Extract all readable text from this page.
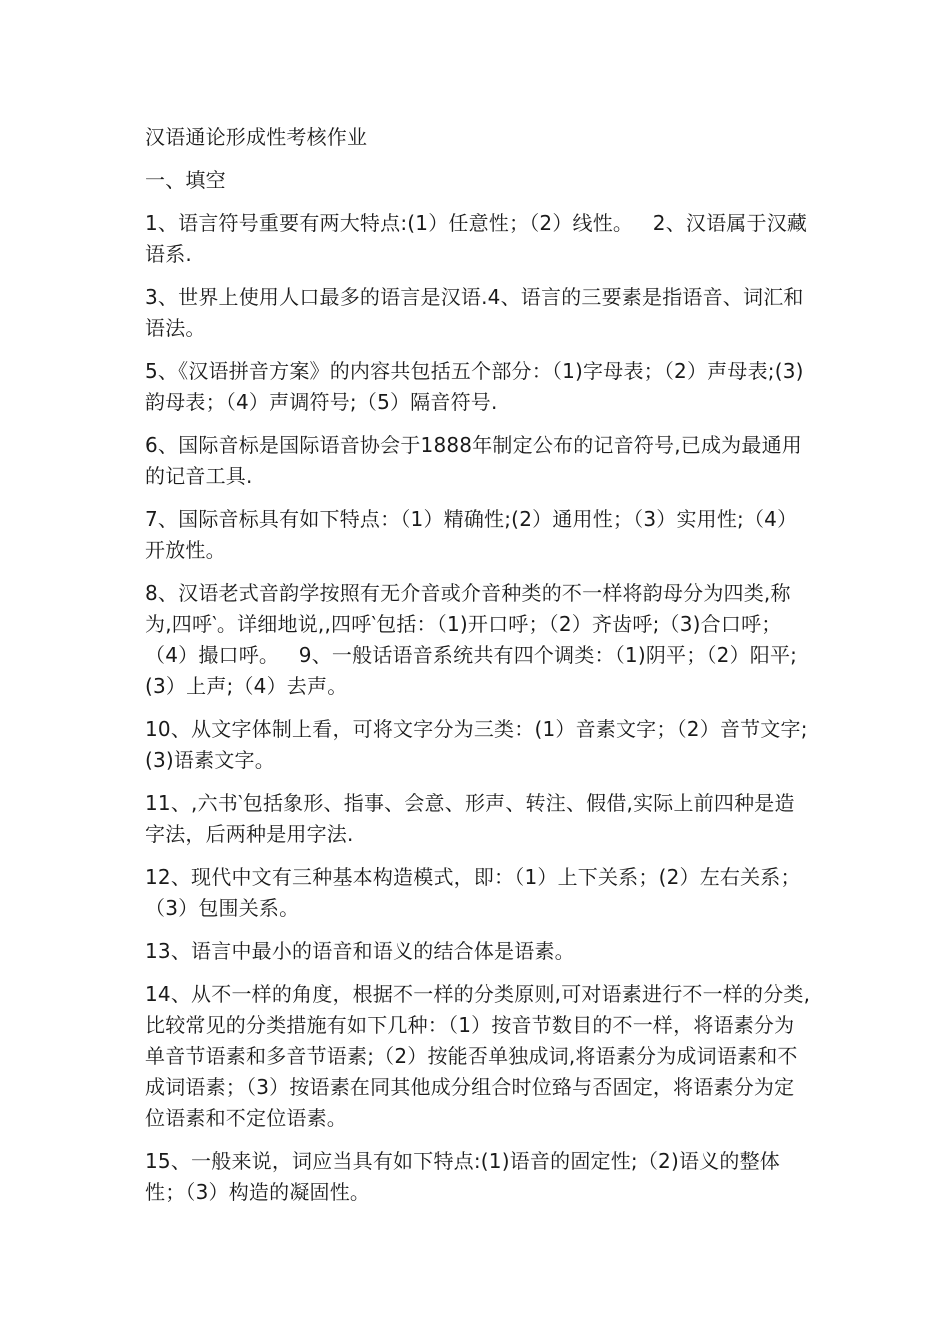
汉语通论形成性考核作业

一、填空

1、语言符号重要有两大特点:(1）任意性；（2）线性。   2、汉语属于汉藏语系.

3、世界上使用人口最多的语言是汉语.4、语言的三要素是指语音、词汇和语法。

5、《汉语拼音方案》的内容共包括五个部分：（1)字母表；（2）声母表;(3)韵母表；（4）声调符号;（5）隔音符号.

6、国际音标是国际语音协会于1888年制定公布的记音符号,已成为最通用的记音工具.

7、国际音标具有如下特点：（1）精确性;(2）通用性；（3）实用性;（4）开放性。

8、汉语老式音韵学按照有无介音或介音种类的不一样将韵母分为四类,称为,四呼‵。详细地说,,四呼‵包括：（1)开口呼；（2）齐齿呼;（3)合口呼；（4）撮口呼。   9、一般话语音系统共有四个调类：（1)阴平；（2）阳平;(3）上声;（4）去声。

10、从文字体制上看，可将文字分为三类：(1）音素文字；（2）音节文字;(3)语素文字。

11、,六书‵包括象形、指事、会意、形声、转注、假借,实际上前四种是造字法，后两种是用字法.

12、现代中文有三种基本构造模式，即：（1）上下关系；(2）左右关系；（3）包围关系。

13、语言中最小的语音和语义的结合体是语素。

14、从不一样的角度，根据不一样的分类原则,可对语素进行不一样的分类,比较常见的分类措施有如下几种：（1）按音节数目的不一样，将语素分为单音节语素和多音节语素;（2）按能否单独成词,将语素分为成词语素和不成词语素；（3）按语素在同其他成分组合时位臵与否固定，将语素分为定位语素和不定位语素。

15、一般来说，词应当具有如下特点:(1)语音的固定性;（2)语义的整体性；（3）构造的凝固性。
